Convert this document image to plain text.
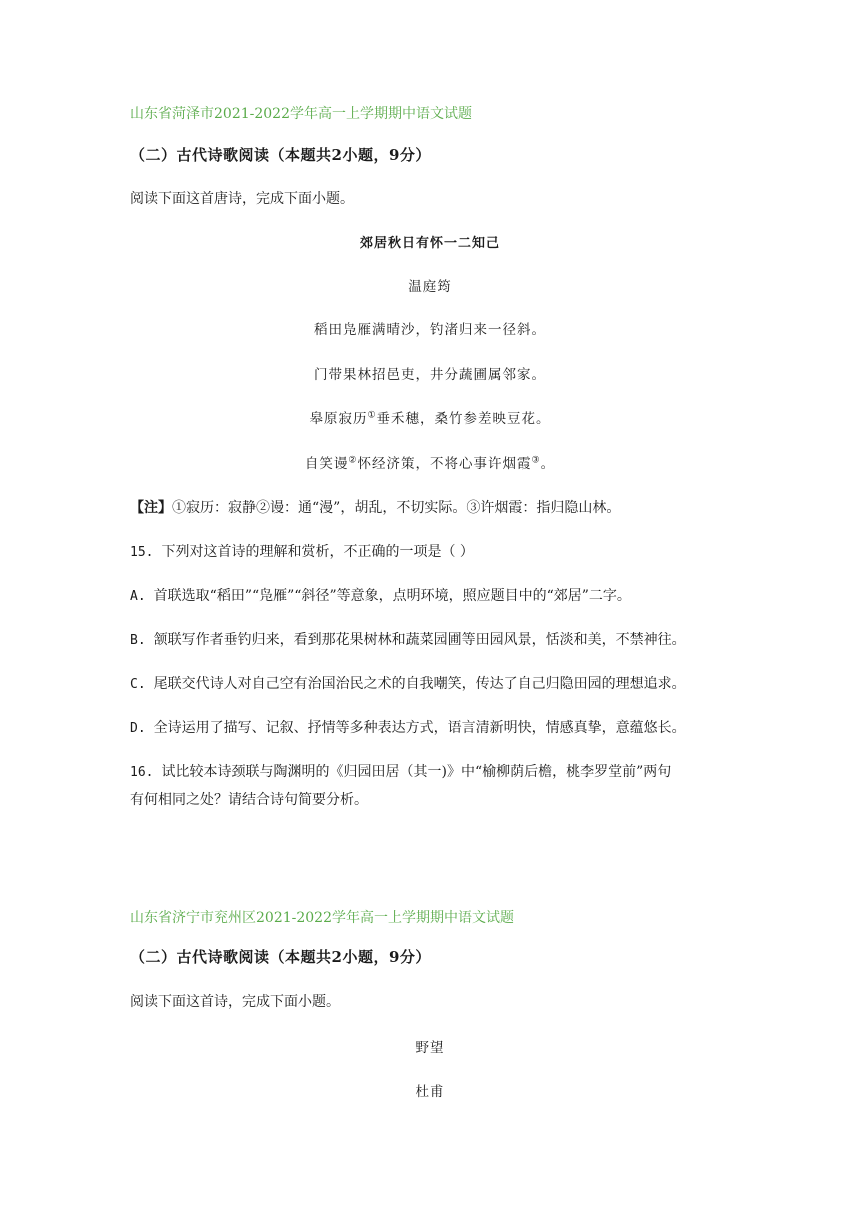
山东省菏泽市2021-2022学年高一上学期期中语文试题
（二）古代诗歌阅读（本题共2小题，9分）
阅读下面这首唐诗，完成下面小题。
郊居秋日有怀一二知己
温庭筠
稻田凫雁满晴沙，钓渚归来一径斜。
门带果林招邑吏，井分蔬圃属邻家。
皋原寂历①垂禾穗，桑竹参差映豆花。
自笑谩②怀经济策，不将心事许烟霞③。
【注】①寂历：寂静②谩：通“漫”，胡乱，不切实际。③许烟霞：指归隐山林。
15. 下列对这首诗的理解和赏析，不正确的一项是（ ）
A. 首联选取“稻田”“凫雁”“斜径”等意象，点明环境，照应题目中的“郊居”二字。
B. 颔联写作者垂钓归来，看到那花果树林和蔬菜园圃等田园风景，恬淡和美，不禁神往。
C. 尾联交代诗人对自己空有治国治民之术的自我嘲笑，传达了自己归隐田园的理想追求。
D. 全诗运用了描写、记叙、抒情等多种表达方式，语言清新明快，情感真挚，意蕴悠长。
16. 试比较本诗颈联与陶渊明的《归园田居（其一)》中“榆柳荫后檐，桃李罗堂前”两句
有何相同之处？请结合诗句简要分析。
山东省济宁市兖州区2021-2022学年高一上学期期中语文试题
（二）古代诗歌阅读（本题共2小题，9分）
阅读下面这首诗，完成下面小题。
野望
杜甫
